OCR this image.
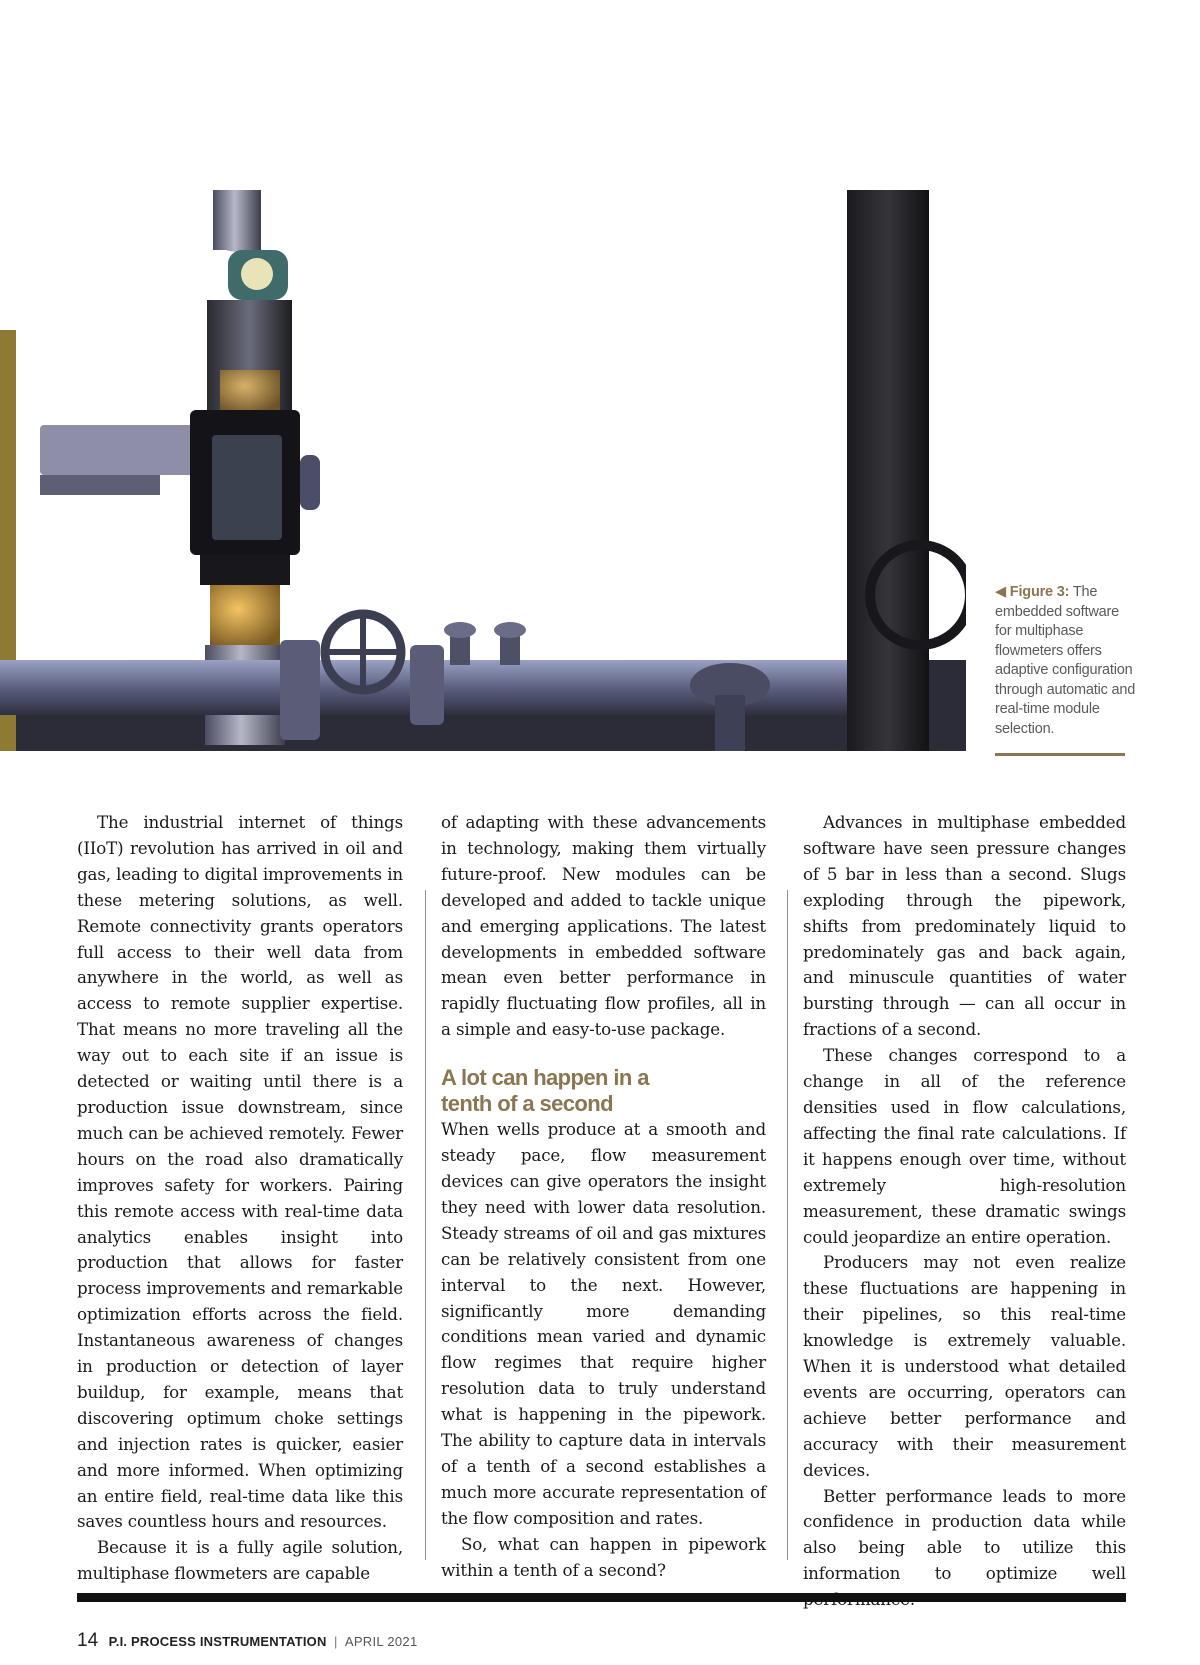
◀ Figure 3: The embedded software for multiphase flowmeters offers adaptive configuration through automatic and real-time module selection.

The industrial internet of things (IIoT) revolution has arrived in oil and gas, leading to digital improvements in these metering solutions, as well. Remote connectivity grants operators full access to their well data from anywhere in the world, as well as access to remote supplier expertise. That means no more traveling all the way out to each site if an issue is detected or waiting until there is a production issue downstream, since much can be achieved remotely. Fewer hours on the road also dramatically improves safety for workers. Pairing this remote access with real-time data analytics enables insight into production that allows for faster process improvements and remarkable optimization efforts across the field. Instantaneous awareness of changes in production or detection of layer buildup, for example, means that discovering optimum choke settings and injection rates is quicker, easier and more informed. When optimizing an entire field, real-time data like this saves countless hours and resources.

Because it is a fully agile solution, multiphase flowmeters are capable

of adapting with these advancements in technology, making them virtually future-proof. New modules can be developed and added to tackle unique and emerging applications. The latest developments in embedded software mean even better performance in rapidly fluctuating flow profiles, all in a simple and easy-to-use package.

A lot can happen in a
tenth of a second

When wells produce at a smooth and steady pace, flow measurement devices can give operators the insight they need with lower data resolution. Steady streams of oil and gas mixtures can be relatively consistent from one interval to the next. However, significantly more demanding conditions mean varied and dynamic flow regimes that require higher resolution data to truly understand what is happening in the pipework. The ability to capture data in intervals of a tenth of a second establishes a much more accurate representation of the flow composition and rates.

So, what can happen in pipework within a tenth of a second?

Advances in multiphase embedded software have seen pressure changes of 5 bar in less than a second. Slugs exploding through the pipework, shifts from predominately liquid to predominately gas and back again, and minuscule quantities of water bursting through — can all occur in fractions of a second.

These changes correspond to a change in all of the reference densities used in flow calculations, affecting the final rate calculations. If it happens enough over time, without extremely high-resolution measurement, these dramatic swings could jeopardize an entire operation.

Producers may not even realize these fluctuations are happening in their pipelines, so this real-time knowledge is extremely valuable. When it is understood what detailed events are occurring, operators can achieve better performance and accuracy with their measurement devices.

Better performance leads to more confidence in production data while also being able to utilize this information to optimize well

14 P.I. PROCESS INSTRUMENTATION | APRIL 2021
